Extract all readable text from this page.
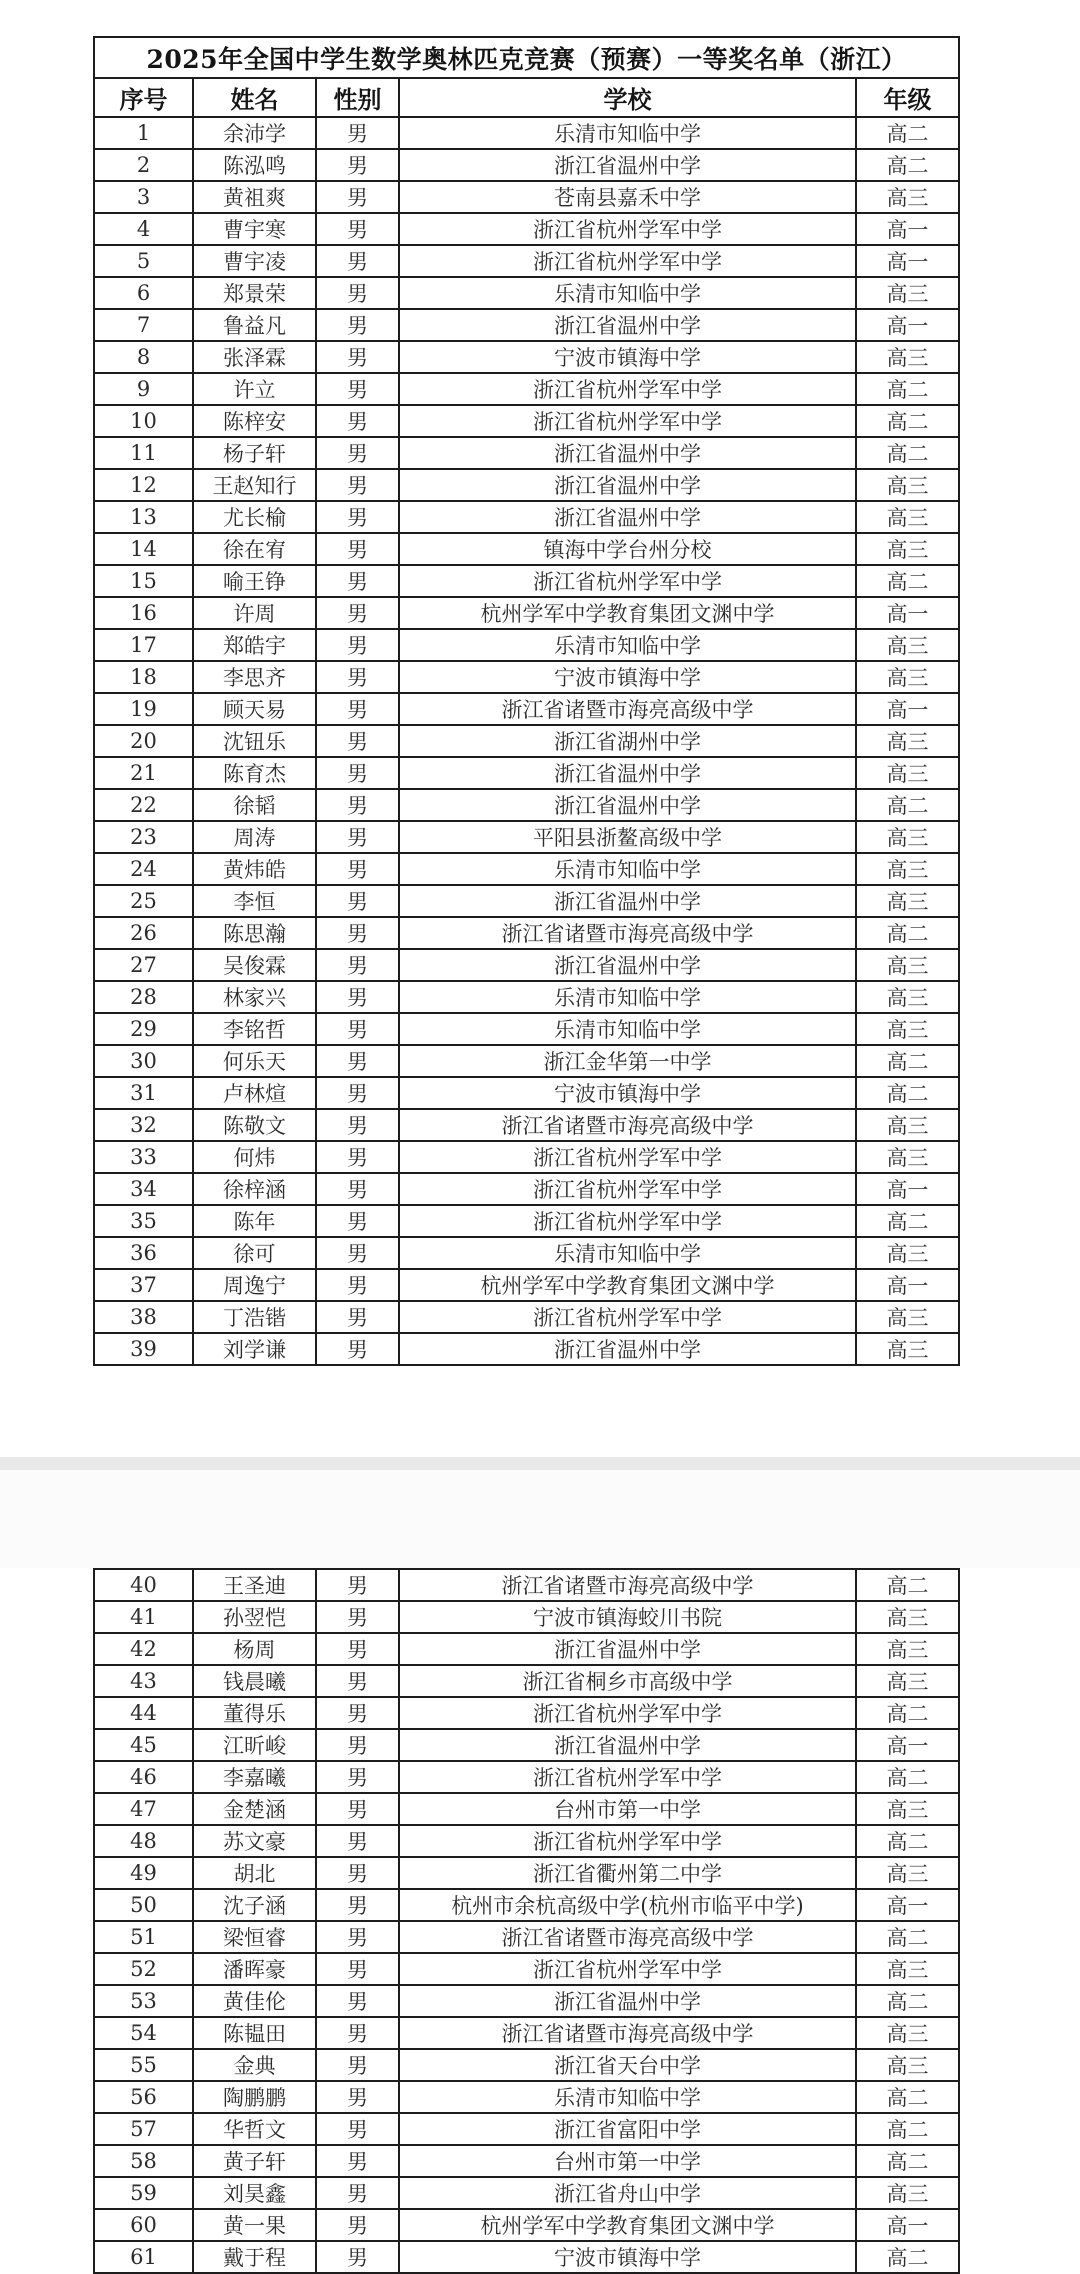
2025年全国中学生数学奥林匹克竞赛（预赛）一等奖名单（浙江）				
序号	姓名	性别	学校	年级
1	余沛学	男	乐清市知临中学	高二
2	陈泓鸣	男	浙江省温州中学	高二
3	黄祖爽	男	苍南县嘉禾中学	高三
4	曹宇寒	男	浙江省杭州学军中学	高一
5	曹宇凌	男	浙江省杭州学军中学	高一
6	郑景荣	男	乐清市知临中学	高三
7	鲁益凡	男	浙江省温州中学	高一
8	张泽霖	男	宁波市镇海中学	高三
9	许立	男	浙江省杭州学军中学	高二
10	陈梓安	男	浙江省杭州学军中学	高二
11	杨子轩	男	浙江省温州中学	高二
12	王赵知行	男	浙江省温州中学	高三
13	尤长榆	男	浙江省温州中学	高三
14	徐在宥	男	镇海中学台州分校	高三
15	喻王铮	男	浙江省杭州学军中学	高二
16	许周	男	杭州学军中学教育集团文渊中学	高一
17	郑皓宇	男	乐清市知临中学	高三
18	李思齐	男	宁波市镇海中学	高三
19	顾天易	男	浙江省诸暨市海亮高级中学	高一
20	沈钮乐	男	浙江省湖州中学	高三
21	陈育杰	男	浙江省温州中学	高三
22	徐韬	男	浙江省温州中学	高二
23	周涛	男	平阳县浙鳌高级中学	高三
24	黄炜皓	男	乐清市知临中学	高三
25	李恒	男	浙江省温州中学	高三
26	陈思瀚	男	浙江省诸暨市海亮高级中学	高二
27	吴俊霖	男	浙江省温州中学	高三
28	林家兴	男	乐清市知临中学	高三
29	李铭哲	男	乐清市知临中学	高三
30	何乐天	男	浙江金华第一中学	高二
31	卢林煊	男	宁波市镇海中学	高二
32	陈敬文	男	浙江省诸暨市海亮高级中学	高三
33	何炜	男	浙江省杭州学军中学	高三
34	徐梓涵	男	浙江省杭州学军中学	高一
35	陈年	男	浙江省杭州学军中学	高二
36	徐可	男	乐清市知临中学	高三
37	周逸宁	男	杭州学军中学教育集团文渊中学	高一
38	丁浩锴	男	浙江省杭州学军中学	高三
39	刘学谦	男	浙江省温州中学	高三
40	王圣迪	男	浙江省诸暨市海亮高级中学	高二
41	孙翌恺	男	宁波市镇海蛟川书院	高三
42	杨周	男	浙江省温州中学	高三
43	钱晨曦	男	浙江省桐乡市高级中学	高三
44	董得乐	男	浙江省杭州学军中学	高二
45	江昕峻	男	浙江省温州中学	高一
46	李嘉曦	男	浙江省杭州学军中学	高二
47	金楚涵	男	台州市第一中学	高三
48	苏文豪	男	浙江省杭州学军中学	高二
49	胡北	男	浙江省衢州第二中学	高三
50	沈子涵	男	杭州市余杭高级中学(杭州市临平中学)	高一
51	梁恒睿	男	浙江省诸暨市海亮高级中学	高二
52	潘晖豪	男	浙江省杭州学军中学	高三
53	黄佳伦	男	浙江省温州中学	高二
54	陈韫田	男	浙江省诸暨市海亮高级中学	高三
55	金典	男	浙江省天台中学	高三
56	陶鹏鹏	男	乐清市知临中学	高二
57	华哲文	男	浙江省富阳中学	高二
58	黄子轩	男	台州市第一中学	高二
59	刘昊鑫	男	浙江省舟山中学	高三
60	黄一果	男	杭州学军中学教育集团文渊中学	高一
61	戴于程	男	宁波市镇海中学	高二
